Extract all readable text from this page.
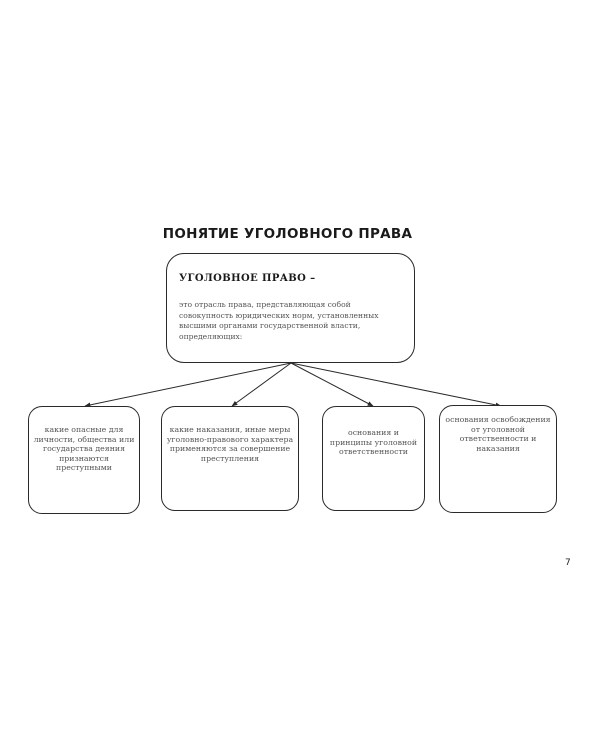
ПОНЯТИЕ УГОЛОВНОГО ПРАВА
УГОЛОВНОЕ ПРАВО –
это отрасль права, представляющая собой совокупность юридических норм, установленных высшими органами государственной власти, определяющих:
какие опасные для личности, общества или государства деяния признаются преступными
какие наказания, иные меры уголовно-правового характера применяются за совершение преступления
основания и принципы уголовной ответственности
основания освобождения от уголовной ответственности и наказания
7
